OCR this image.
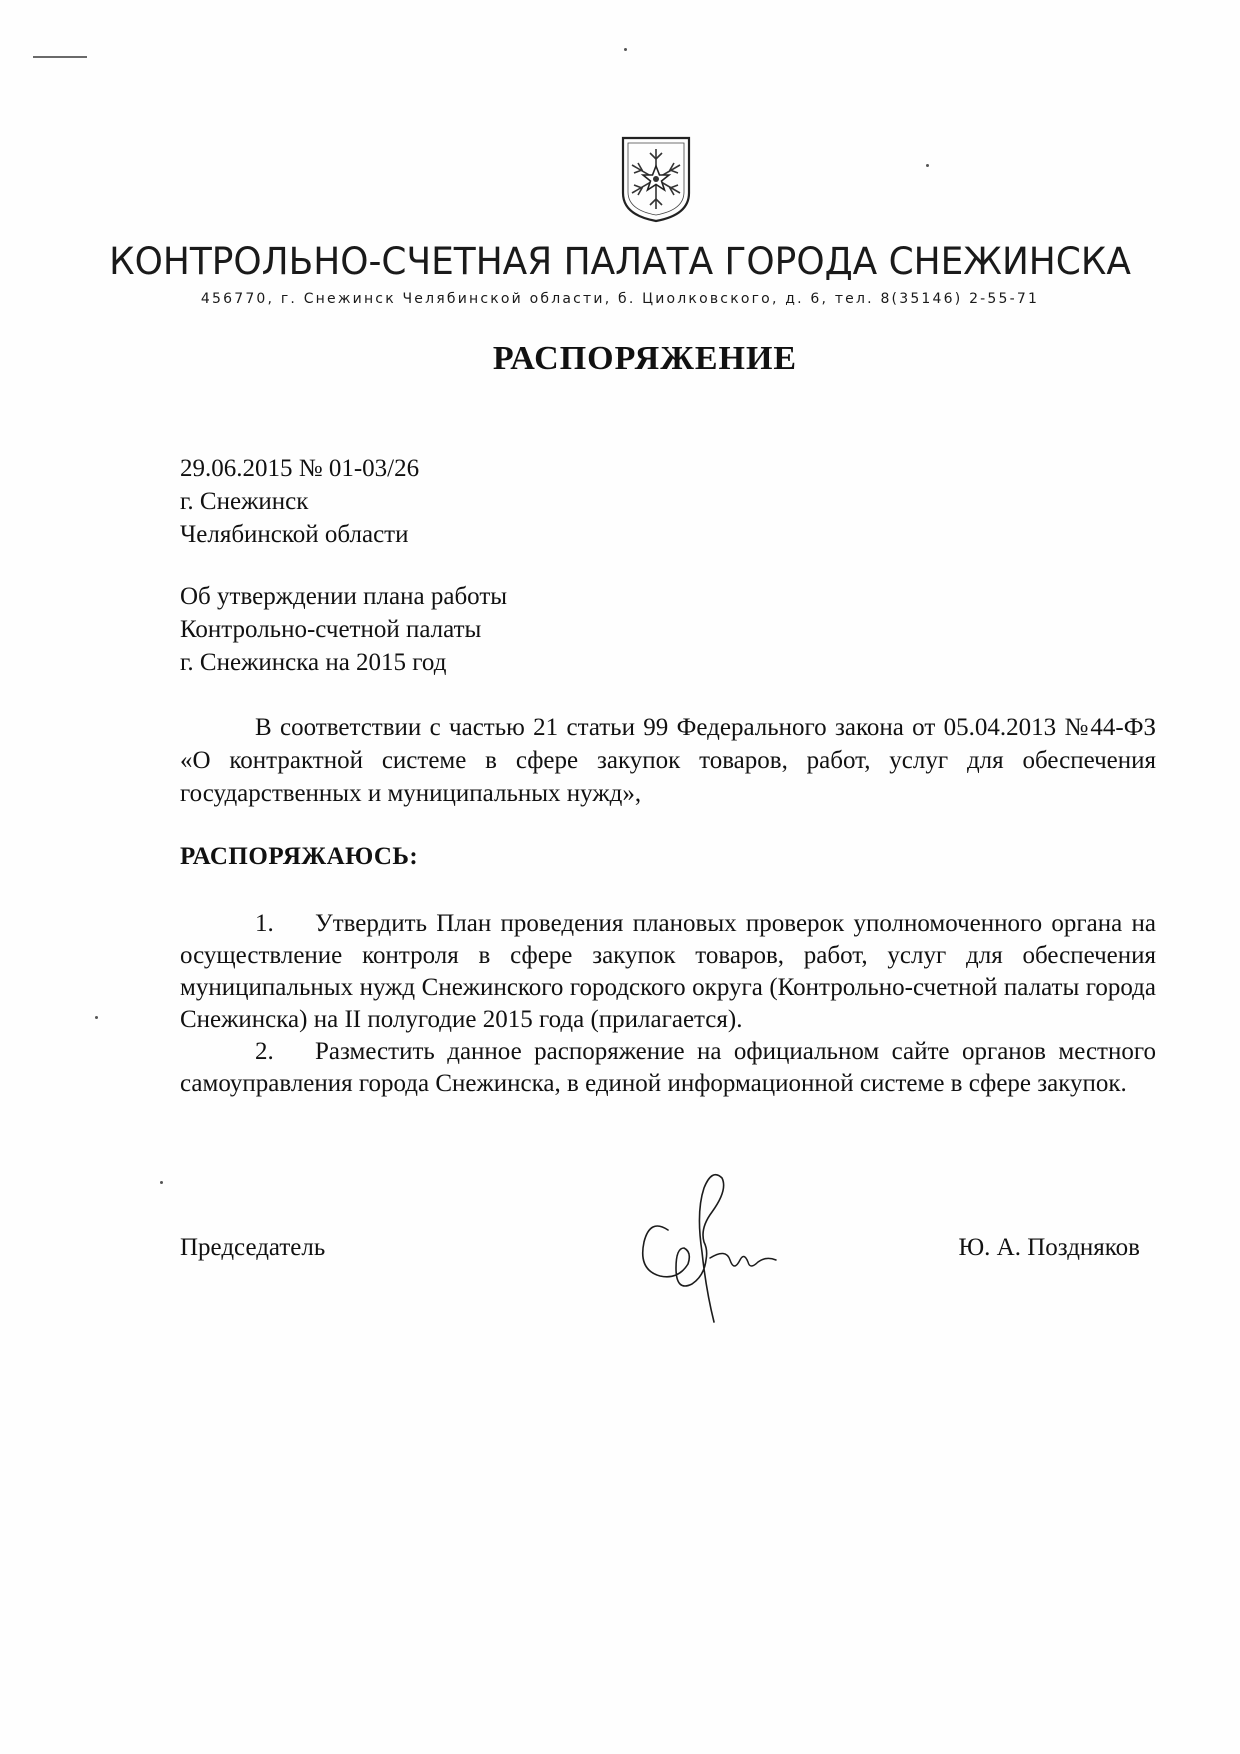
КОНТРОЛЬНО-СЧЕТНАЯ ПАЛАТА ГОРОДА СНЕЖИНСКА

456770, г. Снежинск Челябинской области, б. Циолковского, д. 6, тел. 8(35146) 2-55-71

РАСПОРЯЖЕНИЕ
29.06.2015 № 01-03/26
г. Снежинск
Челябинской области
Об утверждении плана работы
Контрольно-счетной палаты
г. Снежинска на 2015 год

В соответствии с частью 21 статьи 99 Федерального закона от 05.04.2013 №44-ФЗ «О контрактной системе в сфере закупок товаров, работ, услуг для обеспечения государственных и муниципальных нужд»,

РАСПОРЯЖАЮСЬ:

1. Утвердить План проведения плановых проверок уполномоченного органа на осуществление контроля в сфере закупок товаров, работ, услуг для обеспечения муниципальных нужд Снежинского городского округа (Контрольно-счетной палаты города Снежинска) на II полугодие 2015 года (прилагается).

2. Разместить данное распоряжение на официальном сайте органов местного самоуправления города Снежинска, в единой информационной системе в сфере закупок.

Председатель	Ю. А. Поздняков
